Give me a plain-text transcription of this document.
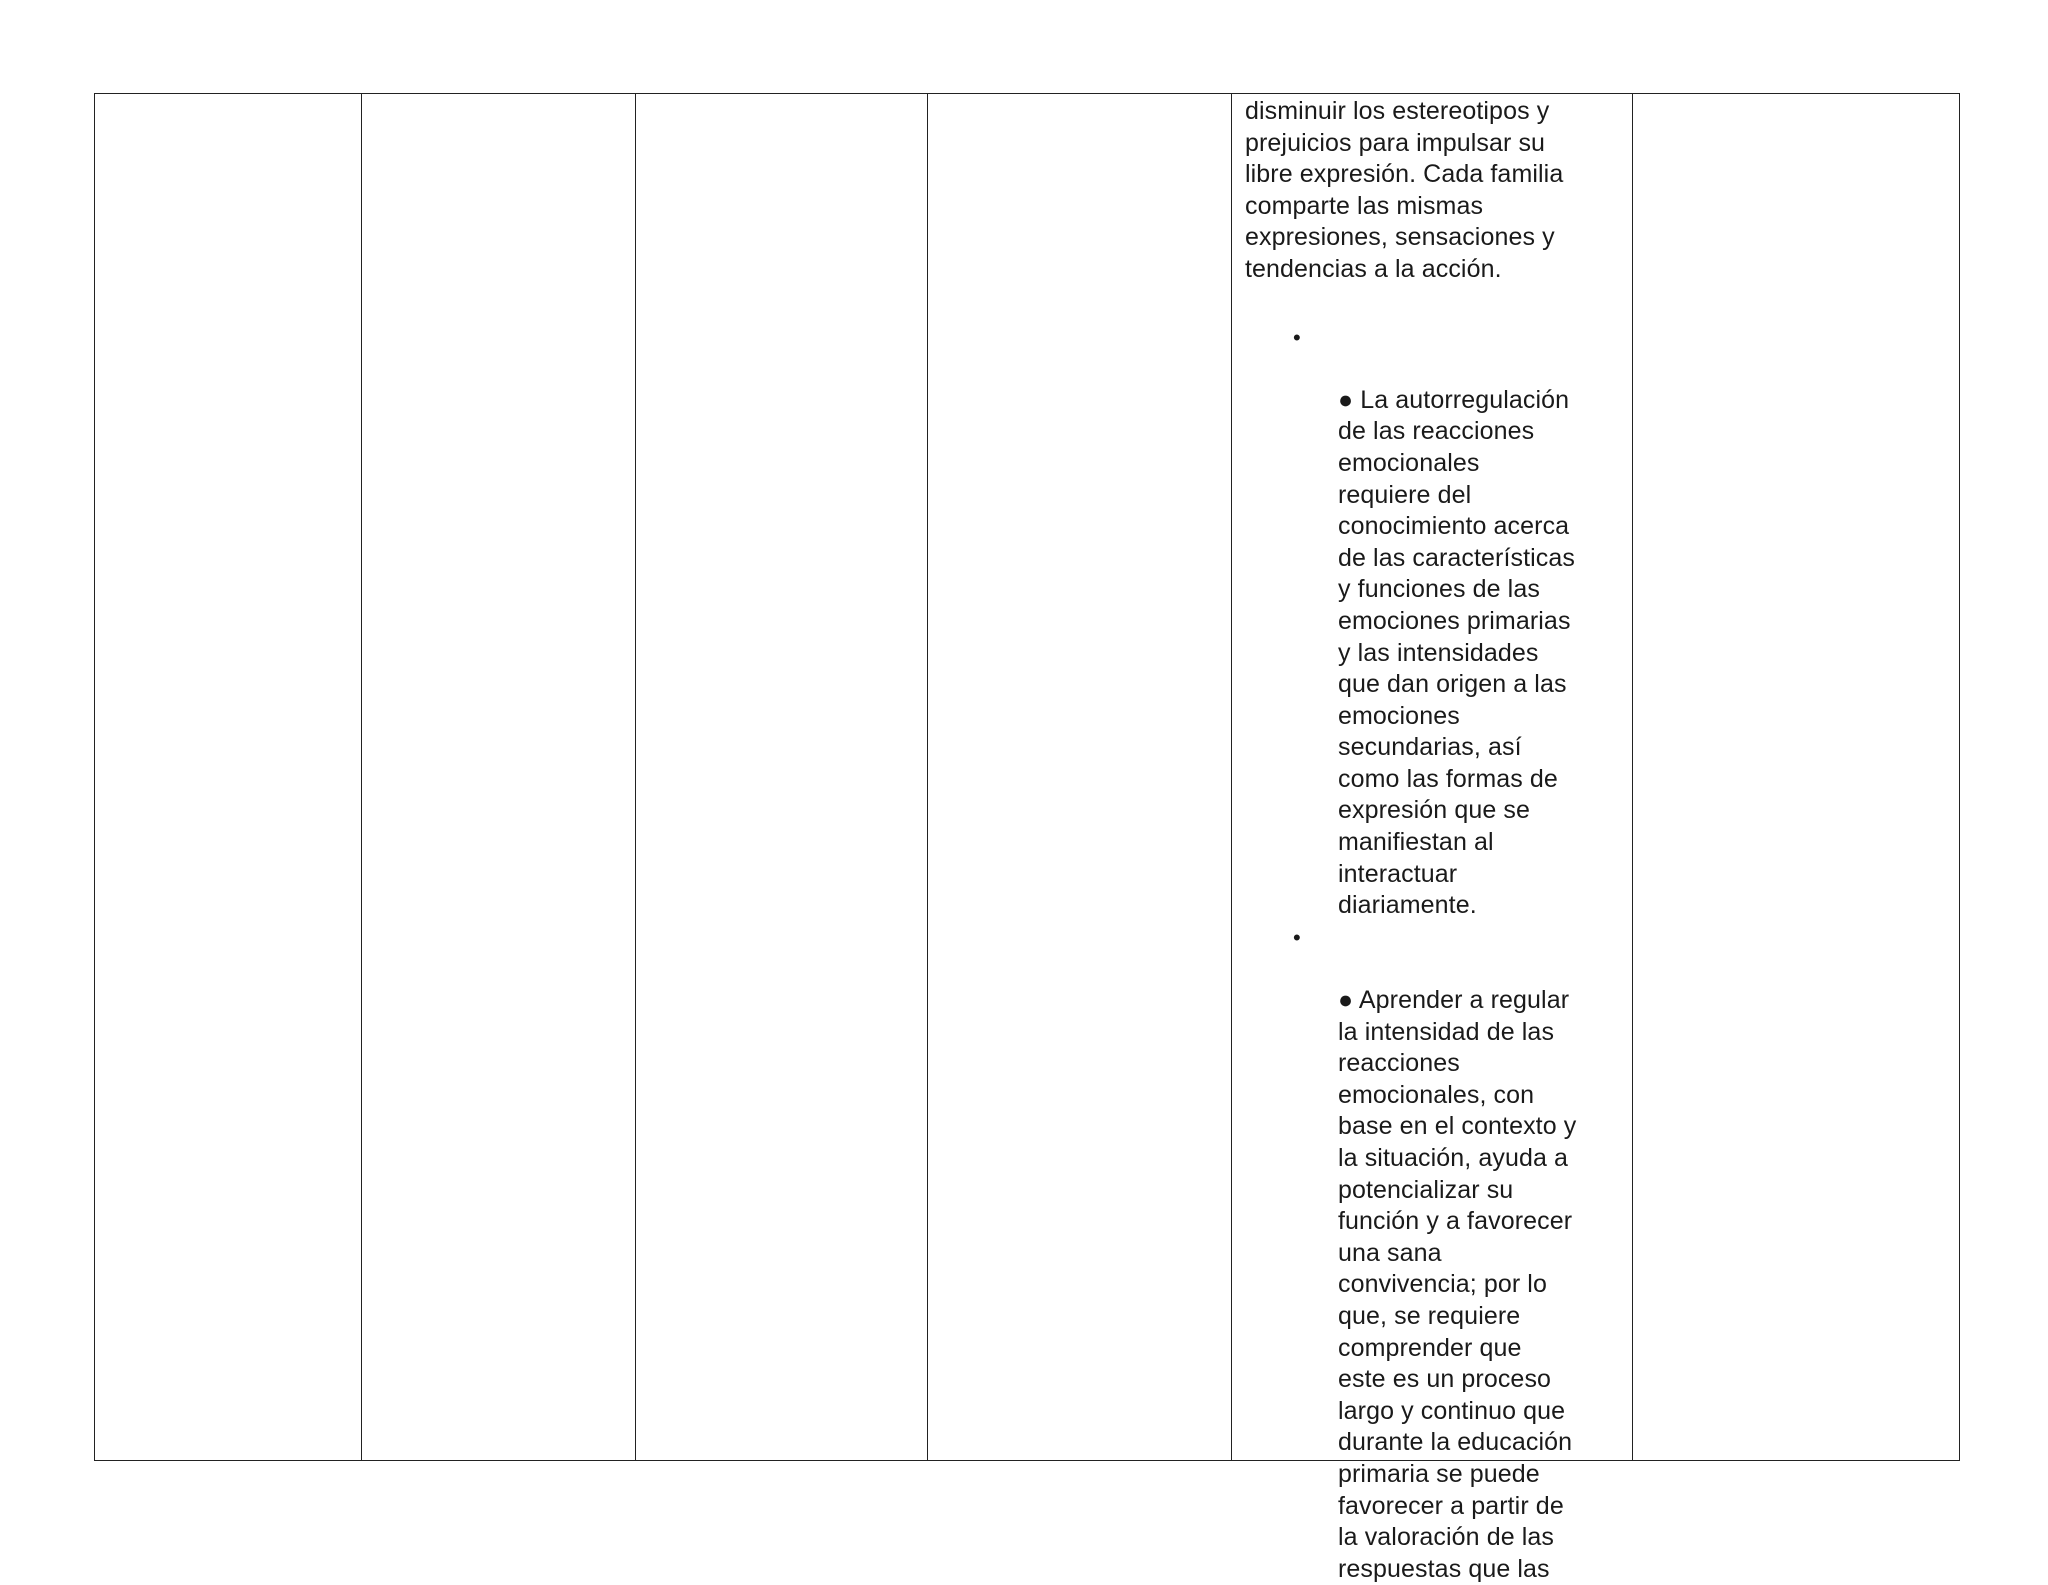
disminuir los estereotipos y
prejuicios para impulsar su
libre expresión. Cada familia
comparte las mismas
expresiones, sensaciones y
tendencias a la acción.

•

● La autorregulación
de las reacciones
emocionales
requiere del
conocimiento acerca
de las características
y funciones de las
emociones primarias
y las intensidades
que dan origen a las
emociones
secundarias, así
como las formas de
expresión que se
manifiestan al
interactuar
diariamente.

•

● Aprender a regular
la intensidad de las
reacciones
emocionales, con
base en el contexto y
la situación, ayuda a
potencializar su
función y a favorecer
una sana
convivencia; por lo
que, se requiere
comprender que
este es un proceso
largo y continuo que
durante la educación
primaria se puede
favorecer a partir de
la valoración de las
respuestas que las
